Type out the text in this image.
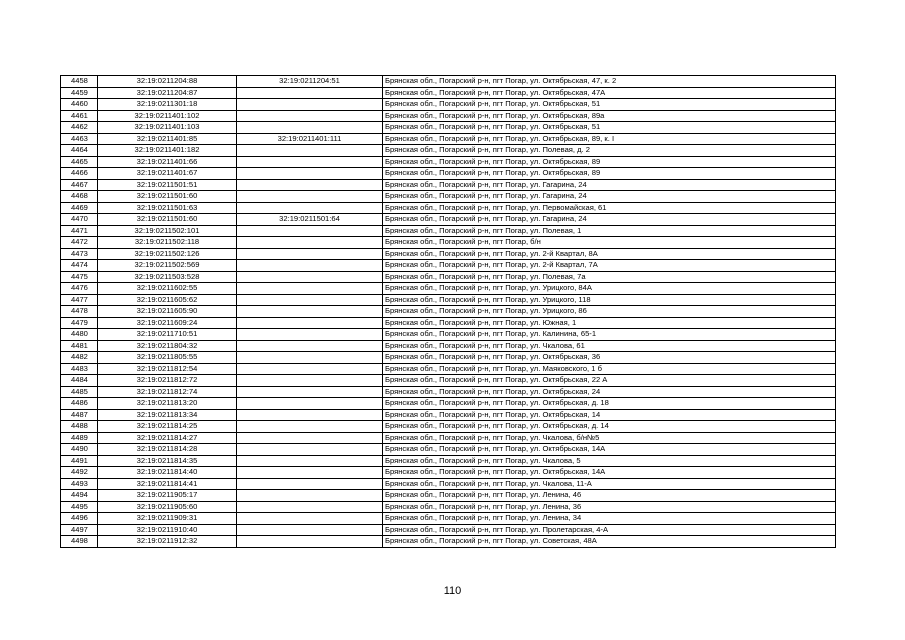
4458	32:19:0211204:88	32:19:0211204:51	Брянская обл., Погарский р-н, пгт Погар, ул. Октябрьская, 47, к. 2
4459	32:19:0211204:87		Брянская обл., Погарский р-н, пгт Погар, ул. Октябрьская, 47А
4460	32:19:0211301:18		Брянская обл., Погарский р-н, пгт Погар, ул. Октябрьская, 51
4461	32:19:0211401:102		Брянская обл., Погарский р-н, пгт Погар, ул. Октябрьская, 89а
4462	32:19:0211401:103		Брянская обл., Погарский р-н, пгт Погар, ул. Октябрьская, 51
4463	32:19:0211401:85	32:19:0211401:111	Брянская обл., Погарский р-н, пгт Погар, ул. Октябрьская, 89, к. I
4464	32:19:0211401:182		Брянская обл., Погарский р-н, пгт Погар, ул. Полевая, д. 2
4465	32:19:0211401:66		Брянская обл., Погарский р-н, пгт Погар, ул. Октябрьская, 89
4466	32:19:0211401:67		Брянская обл., Погарский р-н, пгт Погар, ул. Октябрьская, 89
4467	32:19:0211501:51		Брянская обл., Погарский р-н, пгт Погар, ул. Гагарина, 24
4468	32:19:0211501:60		Брянская обл., Погарский р-н, пгт Погар, ул. Гагарина, 24
4469	32:19:0211501:63		Брянская обл., Погарский р-н, пгт Погар, ул. Первомайская, 61
4470	32:19:0211501:60	32:19:0211501:64	Брянская обл., Погарский р-н, пгт Погар, ул. Гагарина, 24
4471	32:19:0211502:101		Брянская обл., Погарский р-н, пгт Погар, ул. Полевая, 1
4472	32:19:0211502:118		Брянская обл., Погарский р-н, пгт Погар, б/н
4473	32:19:0211502:126		Брянская обл., Погарский р-н, пгт Погар, ул. 2-й Квартал, 8А
4474	32:19:0211502:569		Брянская обл., Погарский р-н, пгт Погар, ул. 2-й Квартал, 7А
4475	32:19:0211503:528		Брянская обл., Погарский р-н, пгт Погар, ул. Полевая, 7а
4476	32:19:0211602:55		Брянская обл., Погарский р-н, пгт Погар, ул. Урицкого, 84А
4477	32:19:0211605:62		Брянская обл., Погарский р-н, пгт Погар, ул. Урицкого, 118
4478	32:19:0211605:90		Брянская обл., Погарский р-н, пгт Погар, ул. Урицкого, 86
4479	32:19:0211609:24		Брянская обл., Погарский р-н, пгт Погар, ул. Южная, 1
4480	32:19:0211710:51		Брянская обл., Погарский р-н, пгт Погар, ул. Калинина, 65-1
4481	32:19:0211804:32		Брянская обл., Погарский р-н, пгт Погар, ул. Чкалова, 61
4482	32:19:0211805:55		Брянская обл., Погарский р-н, пгт Погар, ул. Октябрьская, 36
4483	32:19:0211812:54		Брянская обл., Погарский р-н, пгт Погар, ул. Маяковского, 1 б
4484	32:19:0211812:72		Брянская обл., Погарский р-н, пгт Погар, ул. Октябрьская, 22 А
4485	32:19:0211812:74		Брянская обл., Погарский р-н, пгт Погар, ул. Октябрьская, 24
4486	32:19:0211813:20		Брянская обл., Погарский р-н, пгт Погар, ул. Октябрьская, д. 18
4487	32:19:0211813:34		Брянская обл., Погарский р-н, пгт Погар, ул. Октябрьская, 14
4488	32:19:0211814:25		Брянская обл., Погарский р-н, пгт Погар, ул. Октябрьская, д. 14
4489	32:19:0211814:27		Брянская обл., Погарский р-н, пгт Погар, ул. Чкалова, б/н№5
4490	32:19:0211814:28		Брянская обл., Погарский р-н, пгт Погар, ул. Октябрьская, 14А
4491	32:19:0211814:35		Брянская обл., Погарский р-н, пгт Погар, ул. Чкалова, 5
4492	32:19:0211814:40		Брянская обл., Погарский р-н, пгт Погар, ул. Октябрьская, 14А
4493	32:19:0211814:41		Брянская обл., Погарский р-н, пгт Погар, ул. Чкалова, 11-А
4494	32:19:0211905:17		Брянская обл., Погарский р-н, пгт Погар, ул. Ленина, 46
4495	32:19:0211905:60		Брянская обл., Погарский р-н, пгт Погар, ул. Ленина, 36
4496	32:19:0211909:31		Брянская обл., Погарский р-н, пгт Погар, ул. Ленина, 34
4497	32:19:0211910:40		Брянская обл., Погарский р-н, пгт Погар, ул. Пролетарская, 4-А
4498	32:19:0211912:32		Брянская обл., Погарский р-н, пгт Погар, ул. Советская, 48А
110
